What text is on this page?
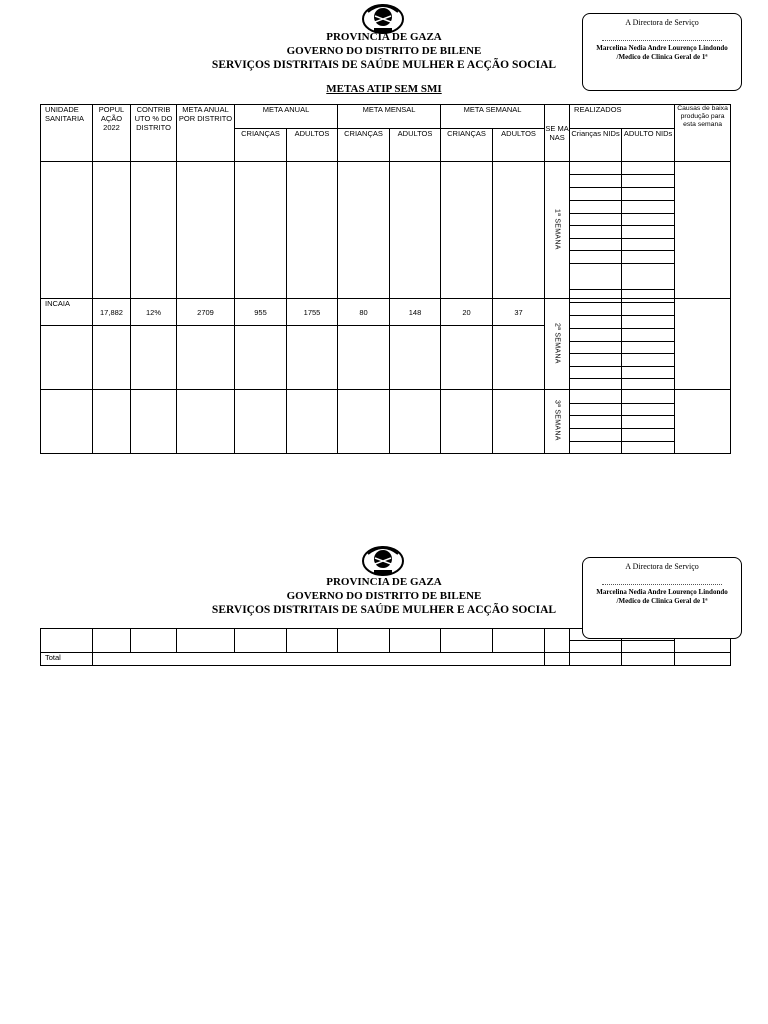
PROVINCIA DE GAZA
GOVERNO DO DISTRITO DE BILENE
SERVIÇOS DISTRITAIS DE SAÚDE MULHER E ACÇÃO SOCIAL
A Directora de Serviço
Marcelina Nedia Andre Lourenço Lindondo
/Medico de Clinica Geral de 1ª
METAS ATIP SEM SMI
UNIDADE SANITARIA	POPUL AÇÃO 2022	CONTRIB UTO % DO DISTRITO	META ANUAL POR DISTRITO	META ANUAL		META MENSAL		META SEMANAL		SE MA NAS	REALIZADOS		Causas de baixa produção para esta semana
				CRIANÇAS	ADULTOS	CRIANÇAS	ADULTOS	CRIANÇAS	ADULTOS		Crianças NIDs	ADULTO NIDs	
										1ª SEMANA			
INCAIA	17,882	12%	2709	955	1755	80	148	20	37	2ª SEMANA			

										3ª SEMANA			
PROVINCIA DE GAZA
GOVERNO DO DISTRITO DE BILENE
SERVIÇOS DISTRITAIS DE SAÚDE MULHER E ACÇÃO SOCIAL
A Directora de Serviço
Marcelina Nedia Andre Lourenço Lindondo
/Medico de Clinica Geral de 1ª

Total													
